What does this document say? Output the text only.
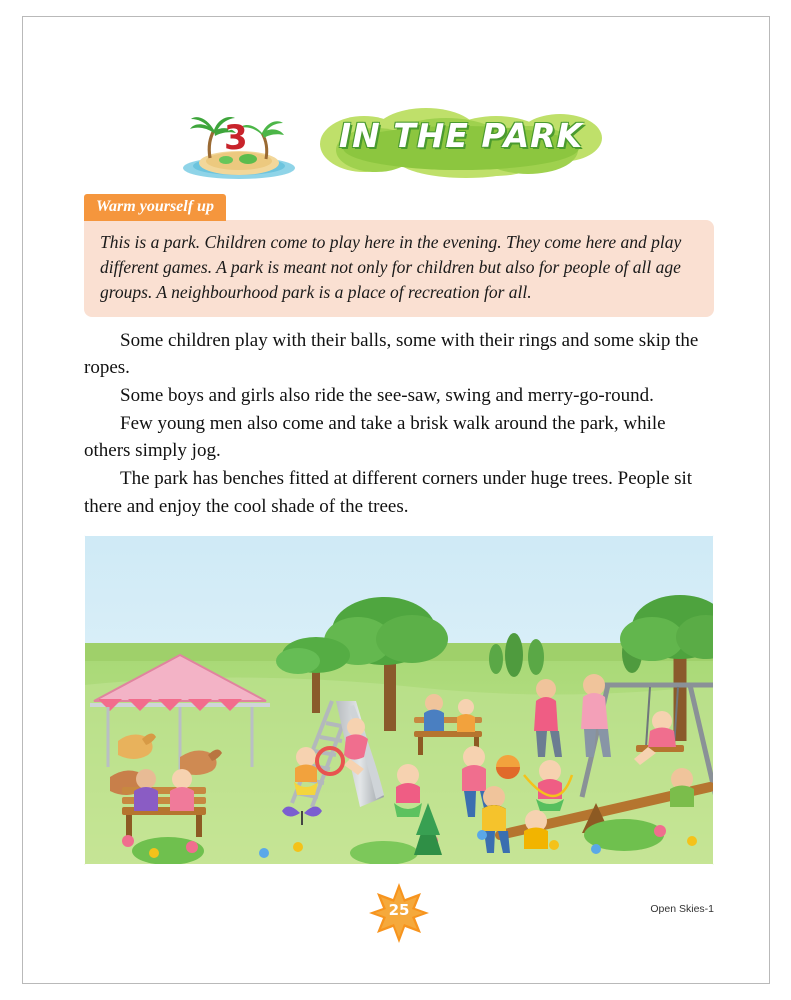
3	IN THE PARK
Warm yourself up

This is a park. Children come to play here in the evening. They come here and play different games. A park is meant not only for children but also for people of all age groups. A neighbourhood park is a place of recreation for all.

Some children play with their balls, some with their rings and some skip the ropes.

Some boys and girls also ride the see-saw, swing and merry-go-round.

Few young men also come and take a brisk walk around the park, while others simply jog.

The park has benches fitted at different corners under huge trees. People sit there and enjoy the cool shade of the trees.

25	Open Skies-1
